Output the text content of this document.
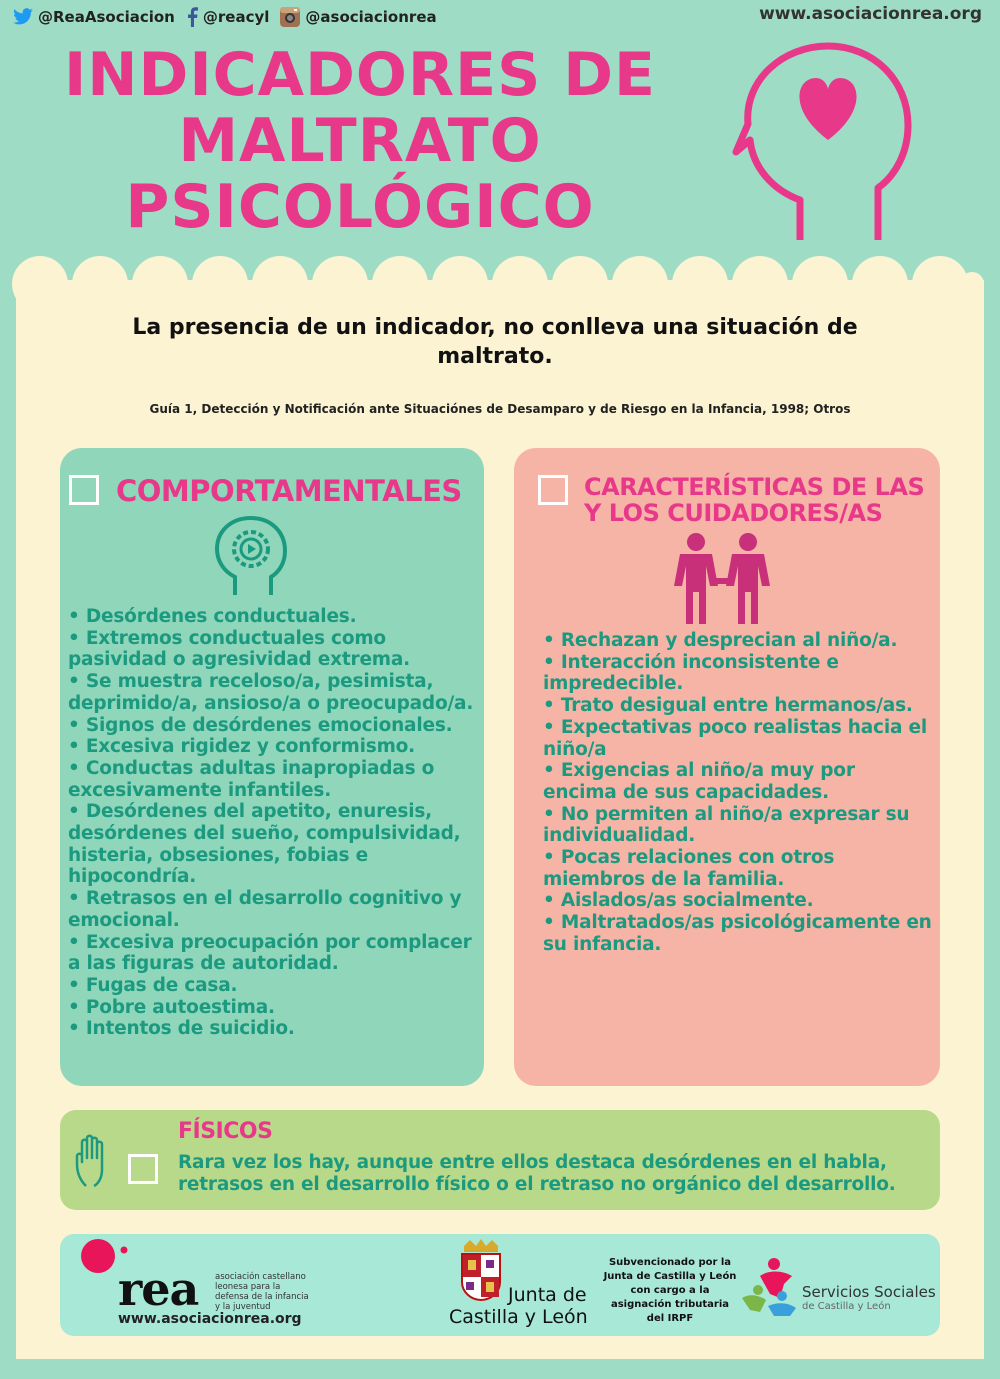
@ReaAsociacion @reacyl @asociacionrea	www.asociacionrea.org
INDICADORES DE
MALTRATO
PSICOLÓGICO
La presencia de un indicador, no conlleva una situación de maltrato.
Guía 1, Detección y Notificación ante Situaciónes de Desamparo y de Riesgo en la Infancia, 1998; Otros
COMPORTAMENTALES
• Desórdenes conductuales.
• Extremos conductuales como pasividad o agresividad extrema.
• Se muestra receloso/a, pesimista, deprimido/a, ansioso/a o preocupado/a.
• Signos de desórdenes emocionales.
• Excesiva rigidez y conformismo.
• Conductas adultas inapropiadas o excesivamente infantiles.
• Desórdenes del apetito, enuresis, desórdenes del sueño, compulsividad, histeria, obsesiones, fobias e hipocondría.
• Retrasos en el desarrollo cognitivo y emocional.
• Excesiva preocupación por complacer a las figuras de autoridad.
• Fugas de casa.
• Pobre autoestima.
• Intentos de suicidio.
CARACTERÍSTICAS DE LAS Y LOS CUIDADORES/AS
• Rechazan y desprecian al niño/a.
• Interacción inconsistente e impredecible.
• Trato desigual entre hermanos/as.
• Expectativas poco realistas hacia el niño/a
• Exigencias al niño/a muy por encima de sus capacidades.
• No permiten al niño/a expresar su individualidad.
• Pocas relaciones con otros miembros de la familia.
• Aislados/as socialmente.
• Maltratados/as psicológicamente en su infancia.
FÍSICOS
Rara vez los hay, aunque entre ellos destaca desórdenes en el habla, retrasos en el desarrollo físico o el retraso no orgánico del desarrollo.
rea asociación castellano leonesa para la defensa de la infancia y la juventud
www.asociacionrea.org
Junta de
Castilla y León
Subvencionado por la Junta de Castilla y León con cargo a la asignación tributaria del IRPF
Servicios Sociales
de Castilla y León
